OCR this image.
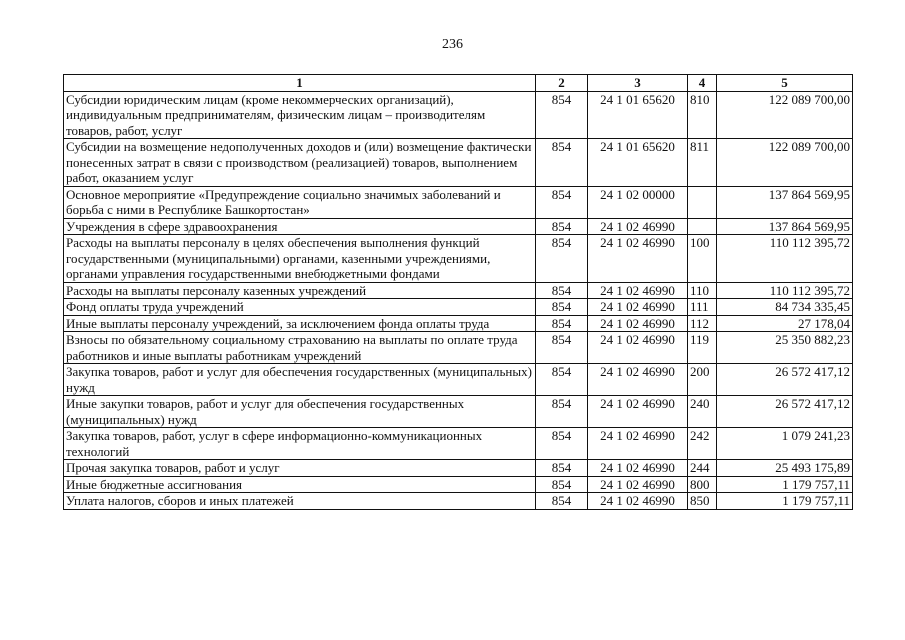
236
1	2	3	4	5
Субсидии юридическим лицам (кроме некоммерческих организаций), индивидуальным предпринимателям, физическим лицам – производителям товаров, работ, услуг	854	24 1 01 65620	810	122 089 700,00
Субсидии на возмещение недополученных доходов и (или) возмещение фактически понесенных затрат в связи с производством (реализацией) товаров, выполнением работ, оказанием услуг	854	24 1 01 65620	811	122 089 700,00
Основное мероприятие «Предупреждение социально значимых заболеваний и борьба с ними в Республике Башкортостан»	854	24 1 02 00000		137 864 569,95
Учреждения в сфере здравоохранения	854	24 1 02 46990		137 864 569,95
Расходы на выплаты персоналу в целях обеспечения выполнения функций государственными (муниципальными) органами, казенными учреждениями, органами управления государственными внебюджетными фондами	854	24 1 02 46990	100	110 112 395,72
Расходы на выплаты персоналу казенных учреждений	854	24 1 02 46990	110	110 112 395,72
Фонд оплаты труда учреждений	854	24 1 02 46990	111	84 734 335,45
Иные выплаты персоналу учреждений, за исключением фонда оплаты труда	854	24 1 02 46990	112	27 178,04
Взносы по обязательному социальному страхованию на выплаты по оплате труда работников и иные выплаты работникам учреждений	854	24 1 02 46990	119	25 350 882,23
Закупка товаров, работ и услуг для обеспечения государственных (муниципальных) нужд	854	24 1 02 46990	200	26 572 417,12
Иные закупки товаров, работ и услуг для обеспечения государственных (муниципальных) нужд	854	24 1 02 46990	240	26 572 417,12
Закупка товаров, работ, услуг в сфере информационно-коммуникационных технологий	854	24 1 02 46990	242	1 079 241,23
Прочая закупка товаров, работ и услуг	854	24 1 02 46990	244	25 493 175,89
Иные бюджетные ассигнования	854	24 1 02 46990	800	1 179 757,11
Уплата налогов, сборов и иных платежей	854	24 1 02 46990	850	1 179 757,11
